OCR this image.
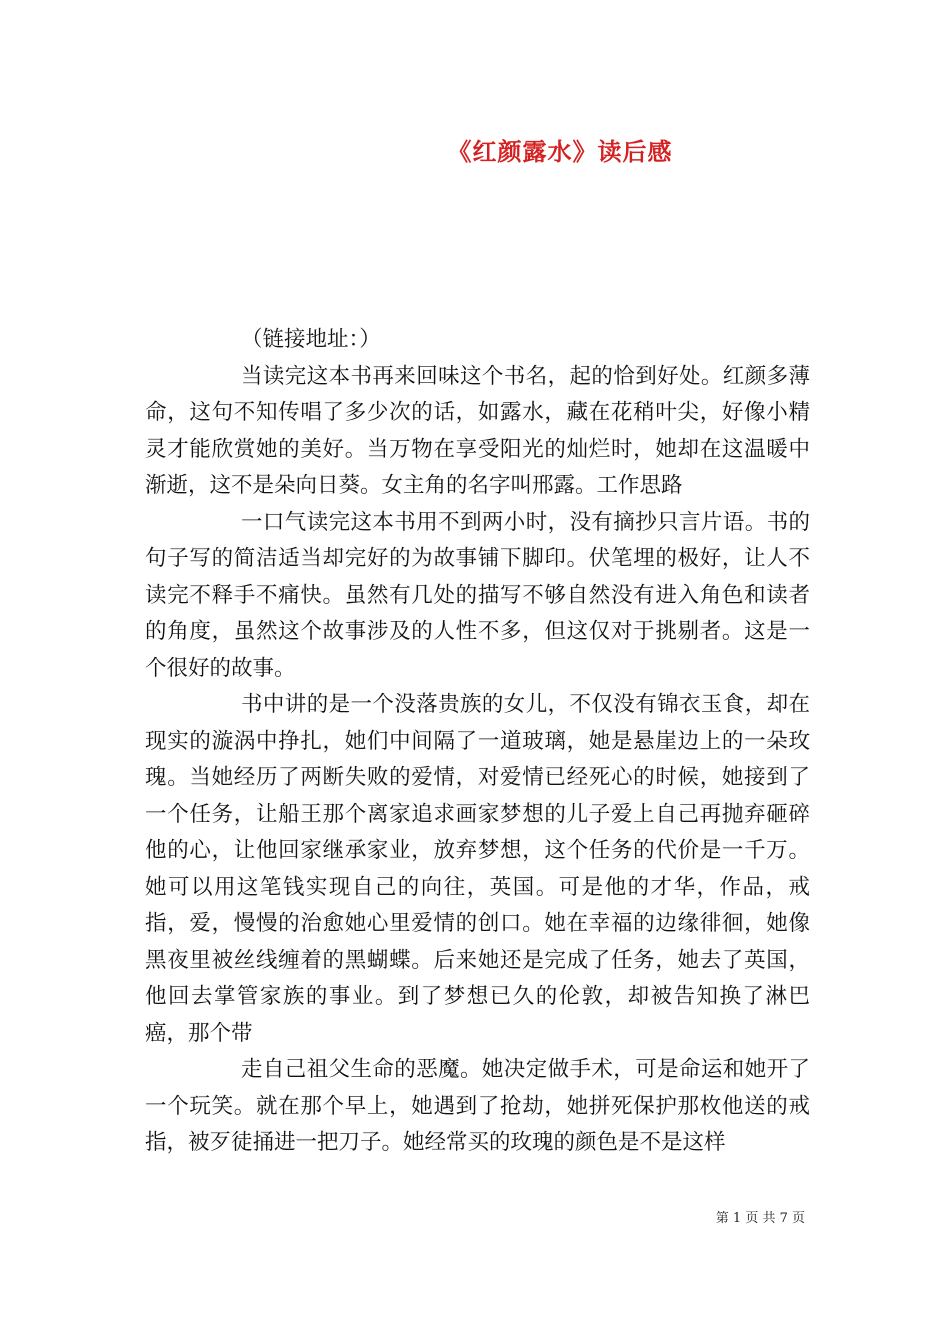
《红颜露水》读后感

（链接地址：）

当读完这本书再来回味这个书名，起的恰到好处。红颜多薄命，这句不知传唱了多少次的话，如露水，藏在花稍叶尖，好像小精灵才能欣赏她的美好。当万物在享受阳光的灿烂时，她却在这温暖中渐逝，这不是朵向日葵。女主角的名字叫邢露。工作思路

一口气读完这本书用不到两小时，没有摘抄只言片语。书的句子写的简洁适当却完好的为故事铺下脚印。伏笔埋的极好，让人不读完不释手不痛快。虽然有几处的描写不够自然没有进入角色和读者的角度，虽然这个故事涉及的人性不多，但这仅对于挑剔者。这是一个很好的故事。

书中讲的是一个没落贵族的女儿，不仅没有锦衣玉食，却在现实的漩涡中挣扎，她们中间隔了一道玻璃，她是悬崖边上的一朵玫瑰。当她经历了两断失败的爱情，对爱情已经死心的时候，她接到了一个任务，让船王那个离家追求画家梦想的儿子爱上自己再抛弃砸碎他的心，让他回家继承家业，放弃梦想，这个任务的代价是一千万。她可以用这笔钱实现自己的向往，英国。可是他的才华，作品，戒指，爱，慢慢的治愈她心里爱情的创口。她在幸福的边缘徘徊，她像黑夜里被丝线缠着的黑蝴蝶。后来她还是完成了任务，她去了英国，他回去掌管家族的事业。到了梦想已久的伦敦，却被告知换了淋巴癌，那个带

走自己祖父生命的恶魔。她决定做手术，可是命运和她开了一个玩笑。就在那个早上，她遇到了抢劫，她拼死保护那枚他送的戒指，被歹徒捅进一把刀子。她经常买的玫瑰的颜色是不是这样

第 1 页 共 7 页
